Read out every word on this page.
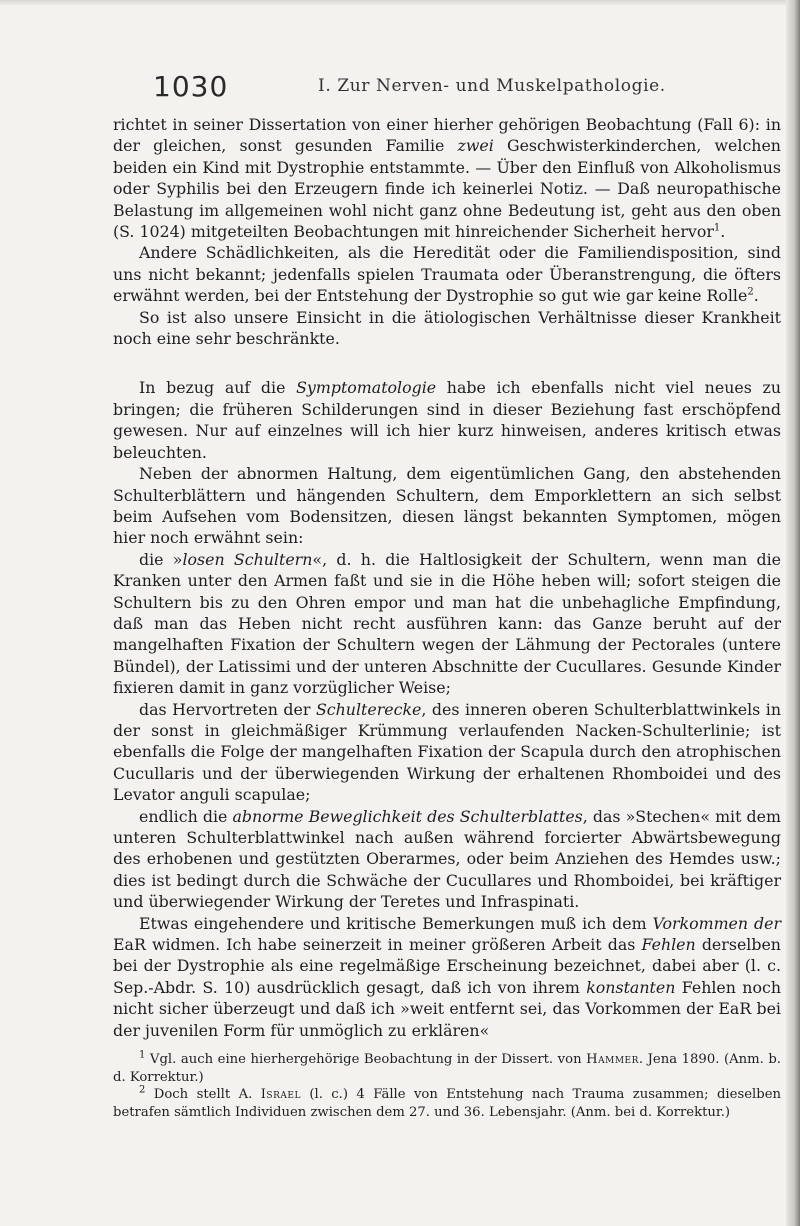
1030	I. Zur Nerven- und Muskelpathologie.

richtet in seiner Dissertation von einer hierher gehörigen Beobachtung (Fall 6): in der gleichen, sonst gesunden Familie zwei Geschwisterkinderchen, welchen beiden ein Kind mit Dystrophie entstammte. — Über den Einfluß von Alkoholismus oder Syphilis bei den Erzeugern finde ich keinerlei Notiz. — Daß neuropathische Belastung im allgemeinen wohl nicht ganz ohne Bedeutung ist, geht aus den oben (S. 1024) mitgeteilten Beobachtungen mit hinreichender Sicherheit hervor$^1$.

Andere Schädlichkeiten, als die Heredität oder die Familiendisposition, sind uns nicht bekannt; jedenfalls spielen Traumata oder Überanstrengung, die öfters erwähnt werden, bei der Entstehung der Dystrophie so gut wie gar keine Rolle$^2$.

So ist also unsere Einsicht in die ätiologischen Verhältnisse dieser Krankheit noch eine sehr beschränkte.

In bezug auf die Symptomatologie habe ich ebenfalls nicht viel neues zu bringen; die früheren Schilderungen sind in dieser Beziehung fast erschöpfend gewesen. Nur auf einzelnes will ich hier kurz hinweisen, anderes kritisch etwas beleuchten.

Neben der abnormen Haltung, dem eigentümlichen Gang, den abstehenden Schulterblättern und hängenden Schultern, dem Emporklettern an sich selbst beim Aufsehen vom Bodensitzen, diesen längst bekannten Symptomen, mögen hier noch erwähnt sein:

die »losen Schultern«, d. h. die Haltlosigkeit der Schultern, wenn man die Kranken unter den Armen faßt und sie in die Höhe heben will; sofort steigen die Schultern bis zu den Ohren empor und man hat die unbehagliche Empfindung, daß man das Heben nicht recht ausführen kann: das Ganze beruht auf der mangelhaften Fixation der Schultern wegen der Lähmung der Pectorales (untere Bündel), der Latissimi und der unteren Abschnitte der Cucullares. Gesunde Kinder fixieren damit in ganz vorzüglicher Weise;

das Hervortreten der Schulterecke, des inneren oberen Schulterblattwinkels in der sonst in gleichmäßiger Krümmung verlaufenden Nacken-Schulterlinie; ist ebenfalls die Folge der mangelhaften Fixation der Scapula durch den atrophischen Cucullaris und der überwiegenden Wirkung der erhaltenen Rhomboidei und des Levator anguli scapulae;

endlich die abnorme Beweglichkeit des Schulterblattes, das »Stechen« mit dem unteren Schulterblattwinkel nach außen während forcierter Abwärtsbewegung des erhobenen und gestützten Oberarmes, oder beim Anziehen des Hemdes usw.; dies ist bedingt durch die Schwäche der Cucullares und Rhomboidei, bei kräftiger und überwiegender Wirkung der Teretes und Infraspinati.

Etwas eingehendere und kritische Bemerkungen muß ich dem Vorkommen der EaR widmen. Ich habe seinerzeit in meiner größeren Arbeit das Fehlen derselben bei der Dystrophie als eine regelmäßige Erscheinung bezeichnet, dabei aber (l. c. Sep.-Abdr. S. 10) ausdrücklich gesagt, daß ich von ihrem konstanten Fehlen noch nicht sicher überzeugt und daß ich »weit entfernt sei, das Vorkommen der EaR bei der juvenilen Form für unmöglich zu erklären«

$^1$ Vgl. auch eine hierhergehörige Beobachtung in der Dissert. von Hammer. Jena 1890. (Anm. b. d. Korrektur.)

$^2$ Doch stellt A. Israel (l. c.) 4 Fälle von Entstehung nach Trauma zusammen; dieselben betrafen sämtlich Individuen zwischen dem 27. und 36. Lebensjahr. (Anm. bei d. Korrektur.)
